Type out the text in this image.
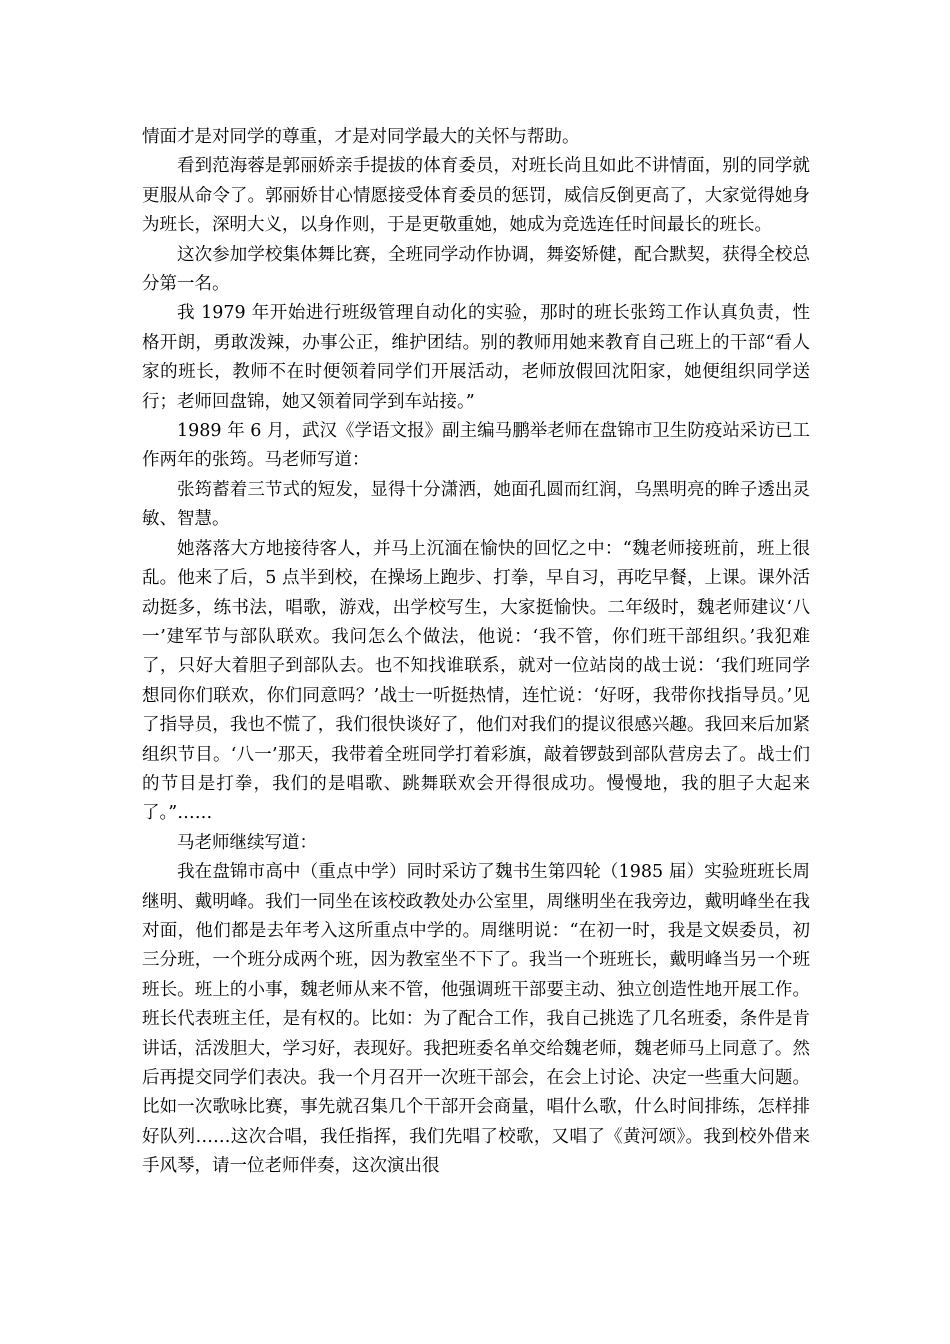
情面才是对同学的尊重，才是对同学最大的关怀与帮助。

看到范海蓉是郭丽娇亲手提拔的体育委员，对班长尚且如此不讲情面，别的同学就更服从命令了。郭丽娇甘心情愿接受体育委员的惩罚，威信反倒更高了，大家觉得她身为班长，深明大义，以身作则，于是更敬重她，她成为竞选连任时间最长的班长。

这次参加学校集体舞比赛，全班同学动作协调，舞姿矫健，配合默契，获得全校总分第一名。

我 1979 年开始进行班级管理自动化的实验，那时的班长张筠工作认真负责，性格开朗，勇敢泼辣，办事公正，维护团结。别的教师用她来教育自己班上的干部“看人家的班长，教师不在时便领着同学们开展活动，老师放假回沈阳家，她便组织同学送行；老师回盘锦，她又领着同学到车站接。”

1989 年 6 月，武汉《学语文报》副主编马鹏举老师在盘锦市卫生防疫站采访已工作两年的张筠。马老师写道：

张筠蓄着三节式的短发，显得十分潇洒，她面孔圆而红润，乌黑明亮的眸子透出灵敏、智慧。

她落落大方地接待客人，并马上沉湎在愉快的回忆之中：“魏老师接班前，班上很乱。他来了后，5 点半到校，在操场上跑步、打拳，早自习，再吃早餐，上课。课外活动挺多，练书法，唱歌，游戏，出学校写生，大家挺愉快。二年级时，魏老师建议‘八一’建军节与部队联欢。我问怎么个做法，他说：‘我不管，你们班干部组织。’我犯难了，只好大着胆子到部队去。也不知找谁联系，就对一位站岗的战士说：‘我们班同学想同你们联欢，你们同意吗？’战士一听挺热情，连忙说：‘好呀，我带你找指导员。’见了指导员，我也不慌了，我们很快谈好了，他们对我们的提议很感兴趣。我回来后加紧组织节目。‘八一’那天，我带着全班同学打着彩旗，敲着锣鼓到部队营房去了。战士们的节目是打拳，我们的是唱歌、跳舞联欢会开得很成功。慢慢地，我的胆子大起来了。”……

马老师继续写道：

我在盘锦市高中（重点中学）同时采访了魏书生第四轮（1985 届）实验班班长周继明、戴明峰。我们一同坐在该校政教处办公室里，周继明坐在我旁边，戴明峰坐在我对面，他们都是去年考入这所重点中学的。周继明说：“在初一时，我是文娱委员，初三分班，一个班分成两个班，因为教室坐不下了。我当一个班班长，戴明峰当另一个班班长。班上的小事，魏老师从来不管，他强调班干部要主动、独立创造性地开展工作。班长代表班主任，是有权的。比如：为了配合工作，我自己挑选了几名班委，条件是肯讲话，活泼胆大，学习好，表现好。我把班委名单交给魏老师，魏老师马上同意了。然后再提交同学们表决。我一个月召开一次班干部会，在会上讨论、决定一些重大问题。比如一次歌咏比赛，事先就召集几个干部开会商量，唱什么歌，什么时间排练，怎样排好队列……这次合唱，我任指挥，我们先唱了校歌，又唱了《黄河颂》。我到校外借来手风琴，请一位老师伴奏，这次演出很
